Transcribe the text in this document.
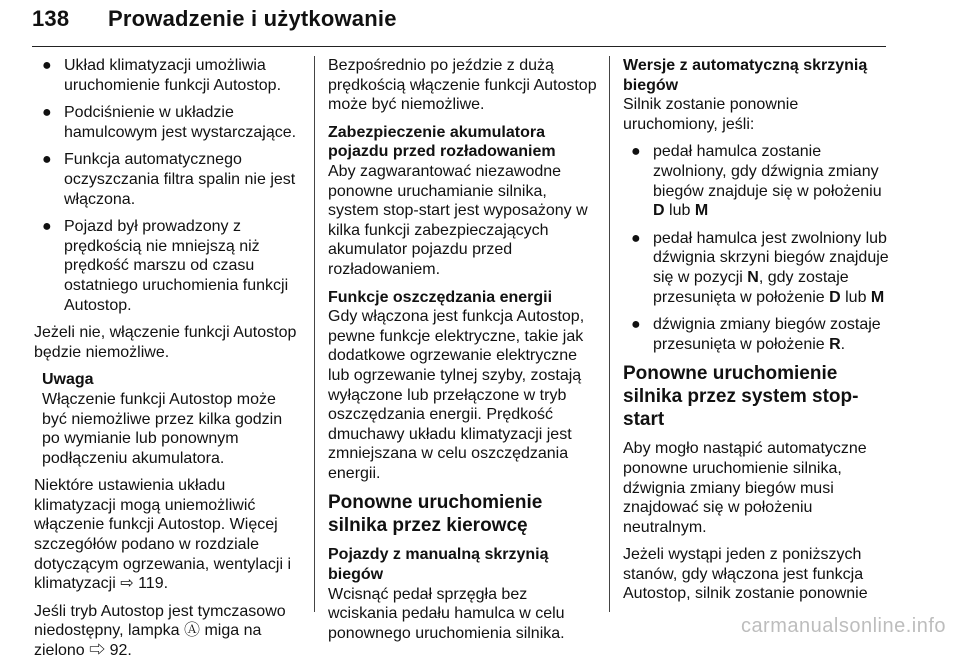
138 Prowadzenie i użytkowanie
● Układ klimatyzacji umożliwia uruchomienie funkcji Autostop.
● Podciśnienie w układzie hamulcowym jest wystarczające.
● Funkcja automatycznego oczyszczania filtra spalin nie jest włączona.
● Pojazd był prowadzony z prędkością nie mniejszą niż prędkość marszu od czasu ostatniego uruchomienia funkcji Autostop.

Jeżeli nie, włączenie funkcji Autostop będzie niemożliwe.

Uwaga
Włączenie funkcji Autostop może być niemożliwe przez kilka godzin po wymianie lub ponownym podłączeniu akumulatora.

Niektóre ustawienia układu klimatyzacji mogą uniemożliwić włączenie funkcji Autostop. Więcej szczegółów podano w rozdziale dotyczącym ogrzewania, wentylacji i klimatyzacji ⇨ 119.

Jeśli tryb Autostop jest tymczasowo niedostępny, lampka Ⓐ miga na zielono ⇨ 92.

Bezpośrednio po jeździe z dużą prędkością włączenie funkcji Autostop może być niemożliwe.

Zabezpieczenie akumulatora pojazdu przed rozładowaniem

Aby zagwarantować niezawodne ponowne uruchamianie silnika, system stop-start jest wyposażony w kilka funkcji zabezpieczających akumulator pojazdu przed rozładowaniem.

Funkcje oszczędzania energii

Gdy włączona jest funkcja Autostop, pewne funkcje elektryczne, takie jak dodatkowe ogrzewanie elektryczne lub ogrzewanie tylnej szyby, zostają wyłączone lub przełączone w tryb oszczędzania energii. Prędkość dmuchawy układu klimatyzacji jest zmniejszana w celu oszczędzania energii.

Ponowne uruchomienie silnika przez kierowcę
Pojazdy z manualną skrzynią biegów

Wcisnąć pedał sprzęgła bez wciskania pedału hamulca w celu ponownego uruchomienia silnika.

Wersje z automatyczną skrzynią biegów

Silnik zostanie ponownie uruchomiony, jeśli:

● pedał hamulca zostanie zwolniony, gdy dźwignia zmiany biegów znajduje się w położeniu D lub M
● pedał hamulca jest zwolniony lub dźwignia skrzyni biegów znajduje się w pozycji N, gdy zostaje przesunięta w położenie D lub M
● dźwignia zmiany biegów zostaje przesunięta w położenie R.
Ponowne uruchomienie silnika przez system stop-start

Aby mogło nastąpić automatyczne ponowne uruchomienie silnika, dźwignia zmiany biegów musi znajdować się w położeniu neutralnym.

Jeżeli wystąpi jeden z poniższych stanów, gdy włączona jest funkcja Autostop, silnik zostanie ponownie

carmanualsonline.info
